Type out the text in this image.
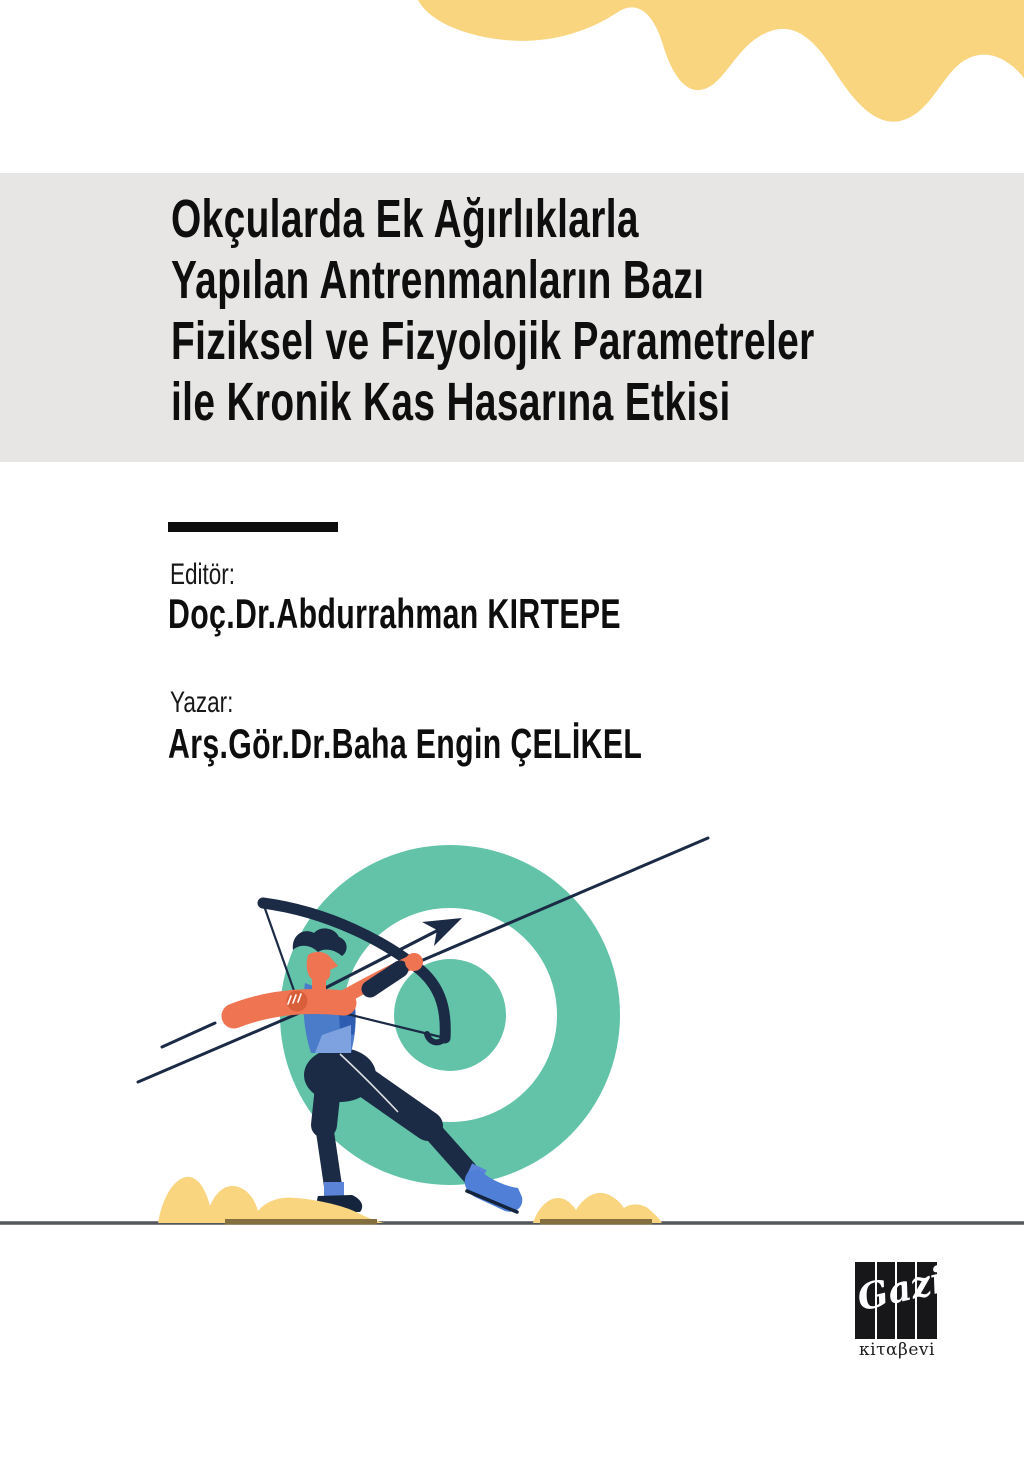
Okçularda Ek Ağırlıklarla
Yapılan Antrenmanların Bazı
Fiziksel ve Fizyolojik Parametreler
ile Kronik Kas Hasarına Etkisi
Editör:
Doç.Dr.Abdurrahman KIRTEPE
Yazar:
Arş.Gör.Dr.Baha Engin ÇELİKEL
Gazi
κiταβevi
